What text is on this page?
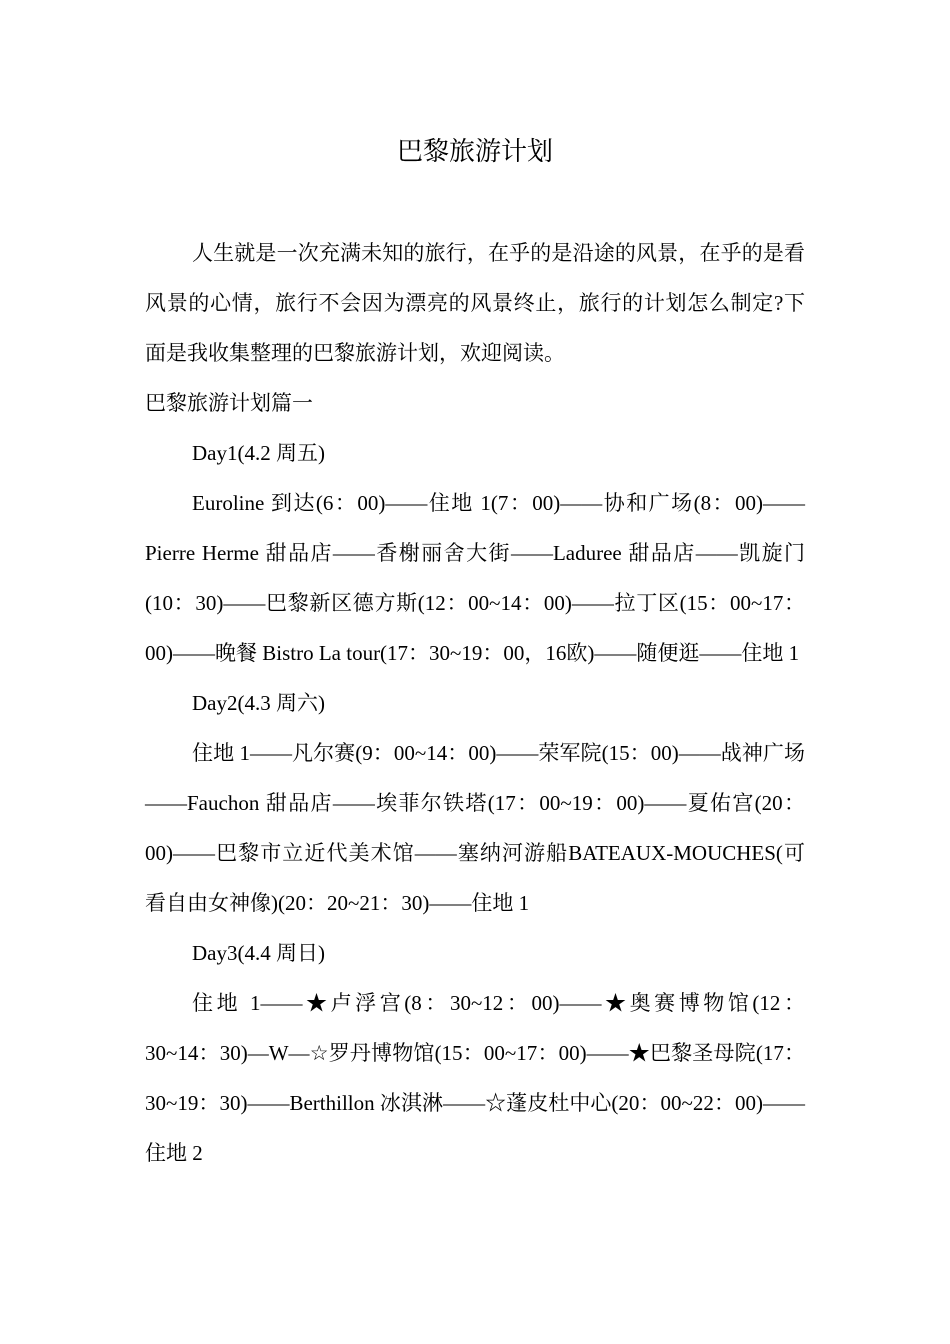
巴黎旅游计划

人生就是一次充满未知的旅行，在乎的是沿途的风景，在乎的是看风景的心情，旅行不会因为漂亮的风景终止，旅行的计划怎么制定?下面是我收集整理的巴黎旅游计划，欢迎阅读。

巴黎旅游计划篇一

Day1(4.2 周五)

Euroline 到达(6：00)——住地 1(7：00)——协和广场(8：00)——Pierre Herme 甜品店——香榭丽舍大街——Laduree 甜品店——凯旋门(10：30)——巴黎新区德方斯(12：00~14：00)——拉丁区(15：00~17：00)——晚餐 Bistro La tour(17：30~19：00，16欧)——随便逛——住地 1

Day2(4.3 周六)

住地 1——凡尔赛(9：00~14：00)——荣军院(15：00)——战神广场——Fauchon 甜品店——埃菲尔铁塔(17：00~19：00)——夏佑宫(20：00)——巴黎市立近代美术馆——塞纳河游船BATEAUX-MOUCHES(可看自由女神像)(20：20~21：30)——住地 1

Day3(4.4 周日)

住地 1——★卢浮宫(8：30~12：00)——★奥赛博物馆(12：30~14：30)—W—☆罗丹博物馆(15：00~17：00)——★巴黎圣母院(17：30~19：30)——Berthillon 冰淇淋——☆蓬皮杜中心(20：00~22：00)——住地 2
